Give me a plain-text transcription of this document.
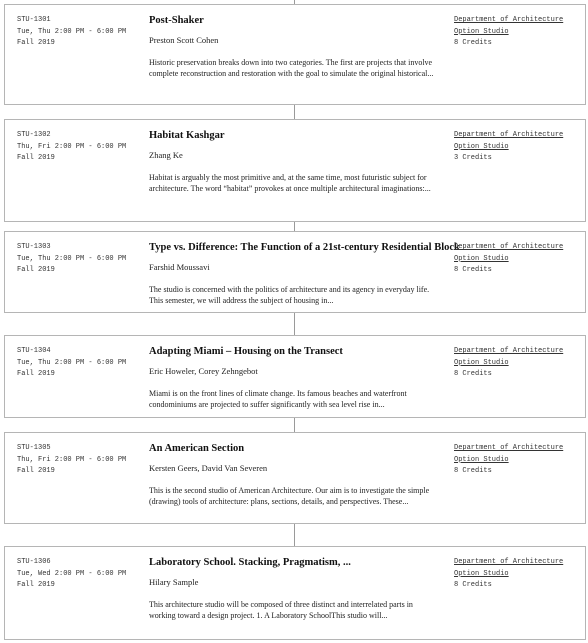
STU-1301
Tue, Thu 2:00 PM - 6:00 PM
Fall 2019
Post-Shaker
Preston Scott Cohen
Historic preservation breaks down into two categories. The first are projects that involve complete reconstruction and restoration with the goal to simulate the original historical...
Department of Architecture
Option Studio
8 Credits
STU-1302
Thu, Fri 2:00 PM - 6:00 PM
Fall 2019
Habitat Kashgar
Zhang Ke
Habitat is arguably the most primitive and, at the same time, most futuristic subject for architecture. The word “habitat” provokes at once multiple architectural imaginations:...
Department of Architecture
Option Studio
3 Credits
STU-1303
Tue, Thu 2:00 PM - 6:00 PM
Fall 2019
Type vs. Difference: The Function of a 21st-century Residential Block
Farshid Moussavi
The studio is concerned with the politics of architecture and its agency in everyday life. This semester, we will address the subject of housing in...
Department of Architecture
Option Studio
8 Credits
STU-1304
Tue, Thu 2:00 PM - 6:00 PM
Fall 2019
Adapting Miami – Housing on the Transect
Eric Howeler, Corey Zehngebot
Miami is on the front lines of climate change. Its famous beaches and waterfront condominiums are projected to suffer significantly with sea level rise in...
Department of Architecture
Option Studio
8 Credits
STU-1305
Thu, Fri 2:00 PM - 6:00 PM
Fall 2019
An American Section
Kersten Geers, David Van Severen
This is the second studio of American Architecture. Our aim is to investigate the simple (drawing) tools of architecture: plans, sections, details, and perspectives. These...
Department of Architecture
Option Studio
8 Credits
STU-1306
Tue, Wed 2:00 PM - 6:00 PM
Fall 2019
Laboratory School. Stacking, Pragmatism, ...
Hilary Sample
This architecture studio will be composed of three distinct and interrelated parts in working toward a design project. 1. A Laboratory SchoolThis studio will...
Department of Architecture
Option Studio
8 Credits
